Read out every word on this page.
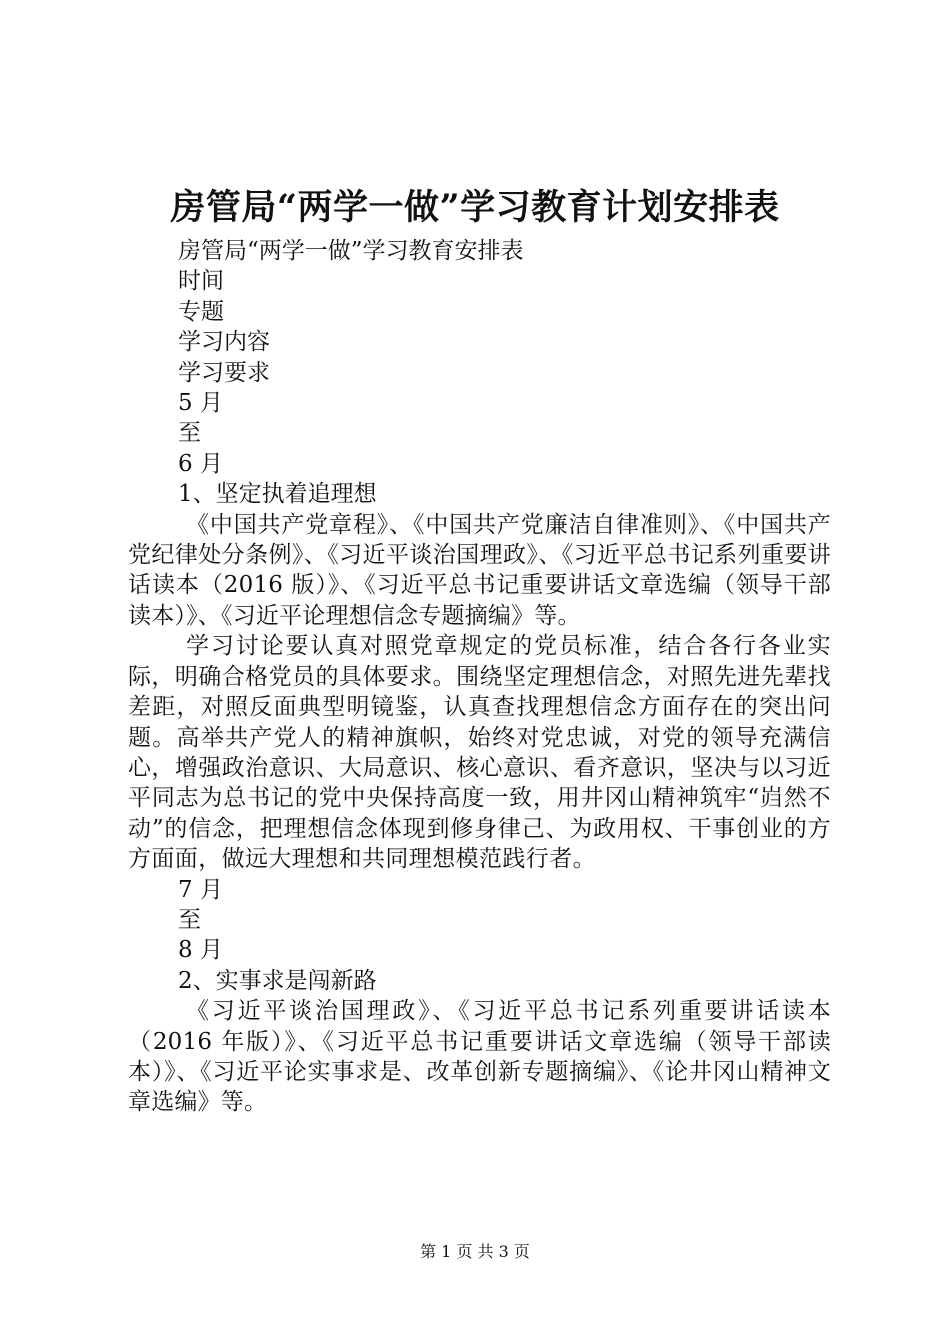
房管局“两学一做”学习教育计划安排表
房管局“两学一做”学习教育安排表
时间
专题
学习内容
学习要求
5 月
至
6 月
1、坚定执着追理想
《中国共产党章程》、《中国共产党廉洁自律准则》、《中国共产党纪律处分条例》、《习近平谈治国理政》、《习近平总书记系列重要讲话读本（2016 版）》、《习近平总书记重要讲话文章选编（领导干部读本）》、《习近平论理想信念专题摘编》等。
学习讨论要认真对照党章规定的党员标准，结合各行各业实际，明确合格党员的具体要求。围绕坚定理想信念，对照先进先辈找差距，对照反面典型明镜鉴，认真查找理想信念方面存在的突出问题。高举共产党人的精神旗帜，始终对党忠诚，对党的领导充满信心，增强政治意识、大局意识、核心意识、看齐意识，坚决与以习近平同志为总书记的党中央保持高度一致，用井冈山精神筑牢“岿然不动”的信念，把理想信念体现到修身律己、为政用权、干事创业的方方面面，做远大理想和共同理想模范践行者。
7 月
至
8 月
2、实事求是闯新路
《习近平谈治国理政》、《习近平总书记系列重要讲话读本（2016 年版）》、《习近平总书记重要讲话文章选编（领导干部读本）》、《习近平论实事求是、改革创新专题摘编》、《论井冈山精神文章选编》等。
第 1 页 共 3 页
